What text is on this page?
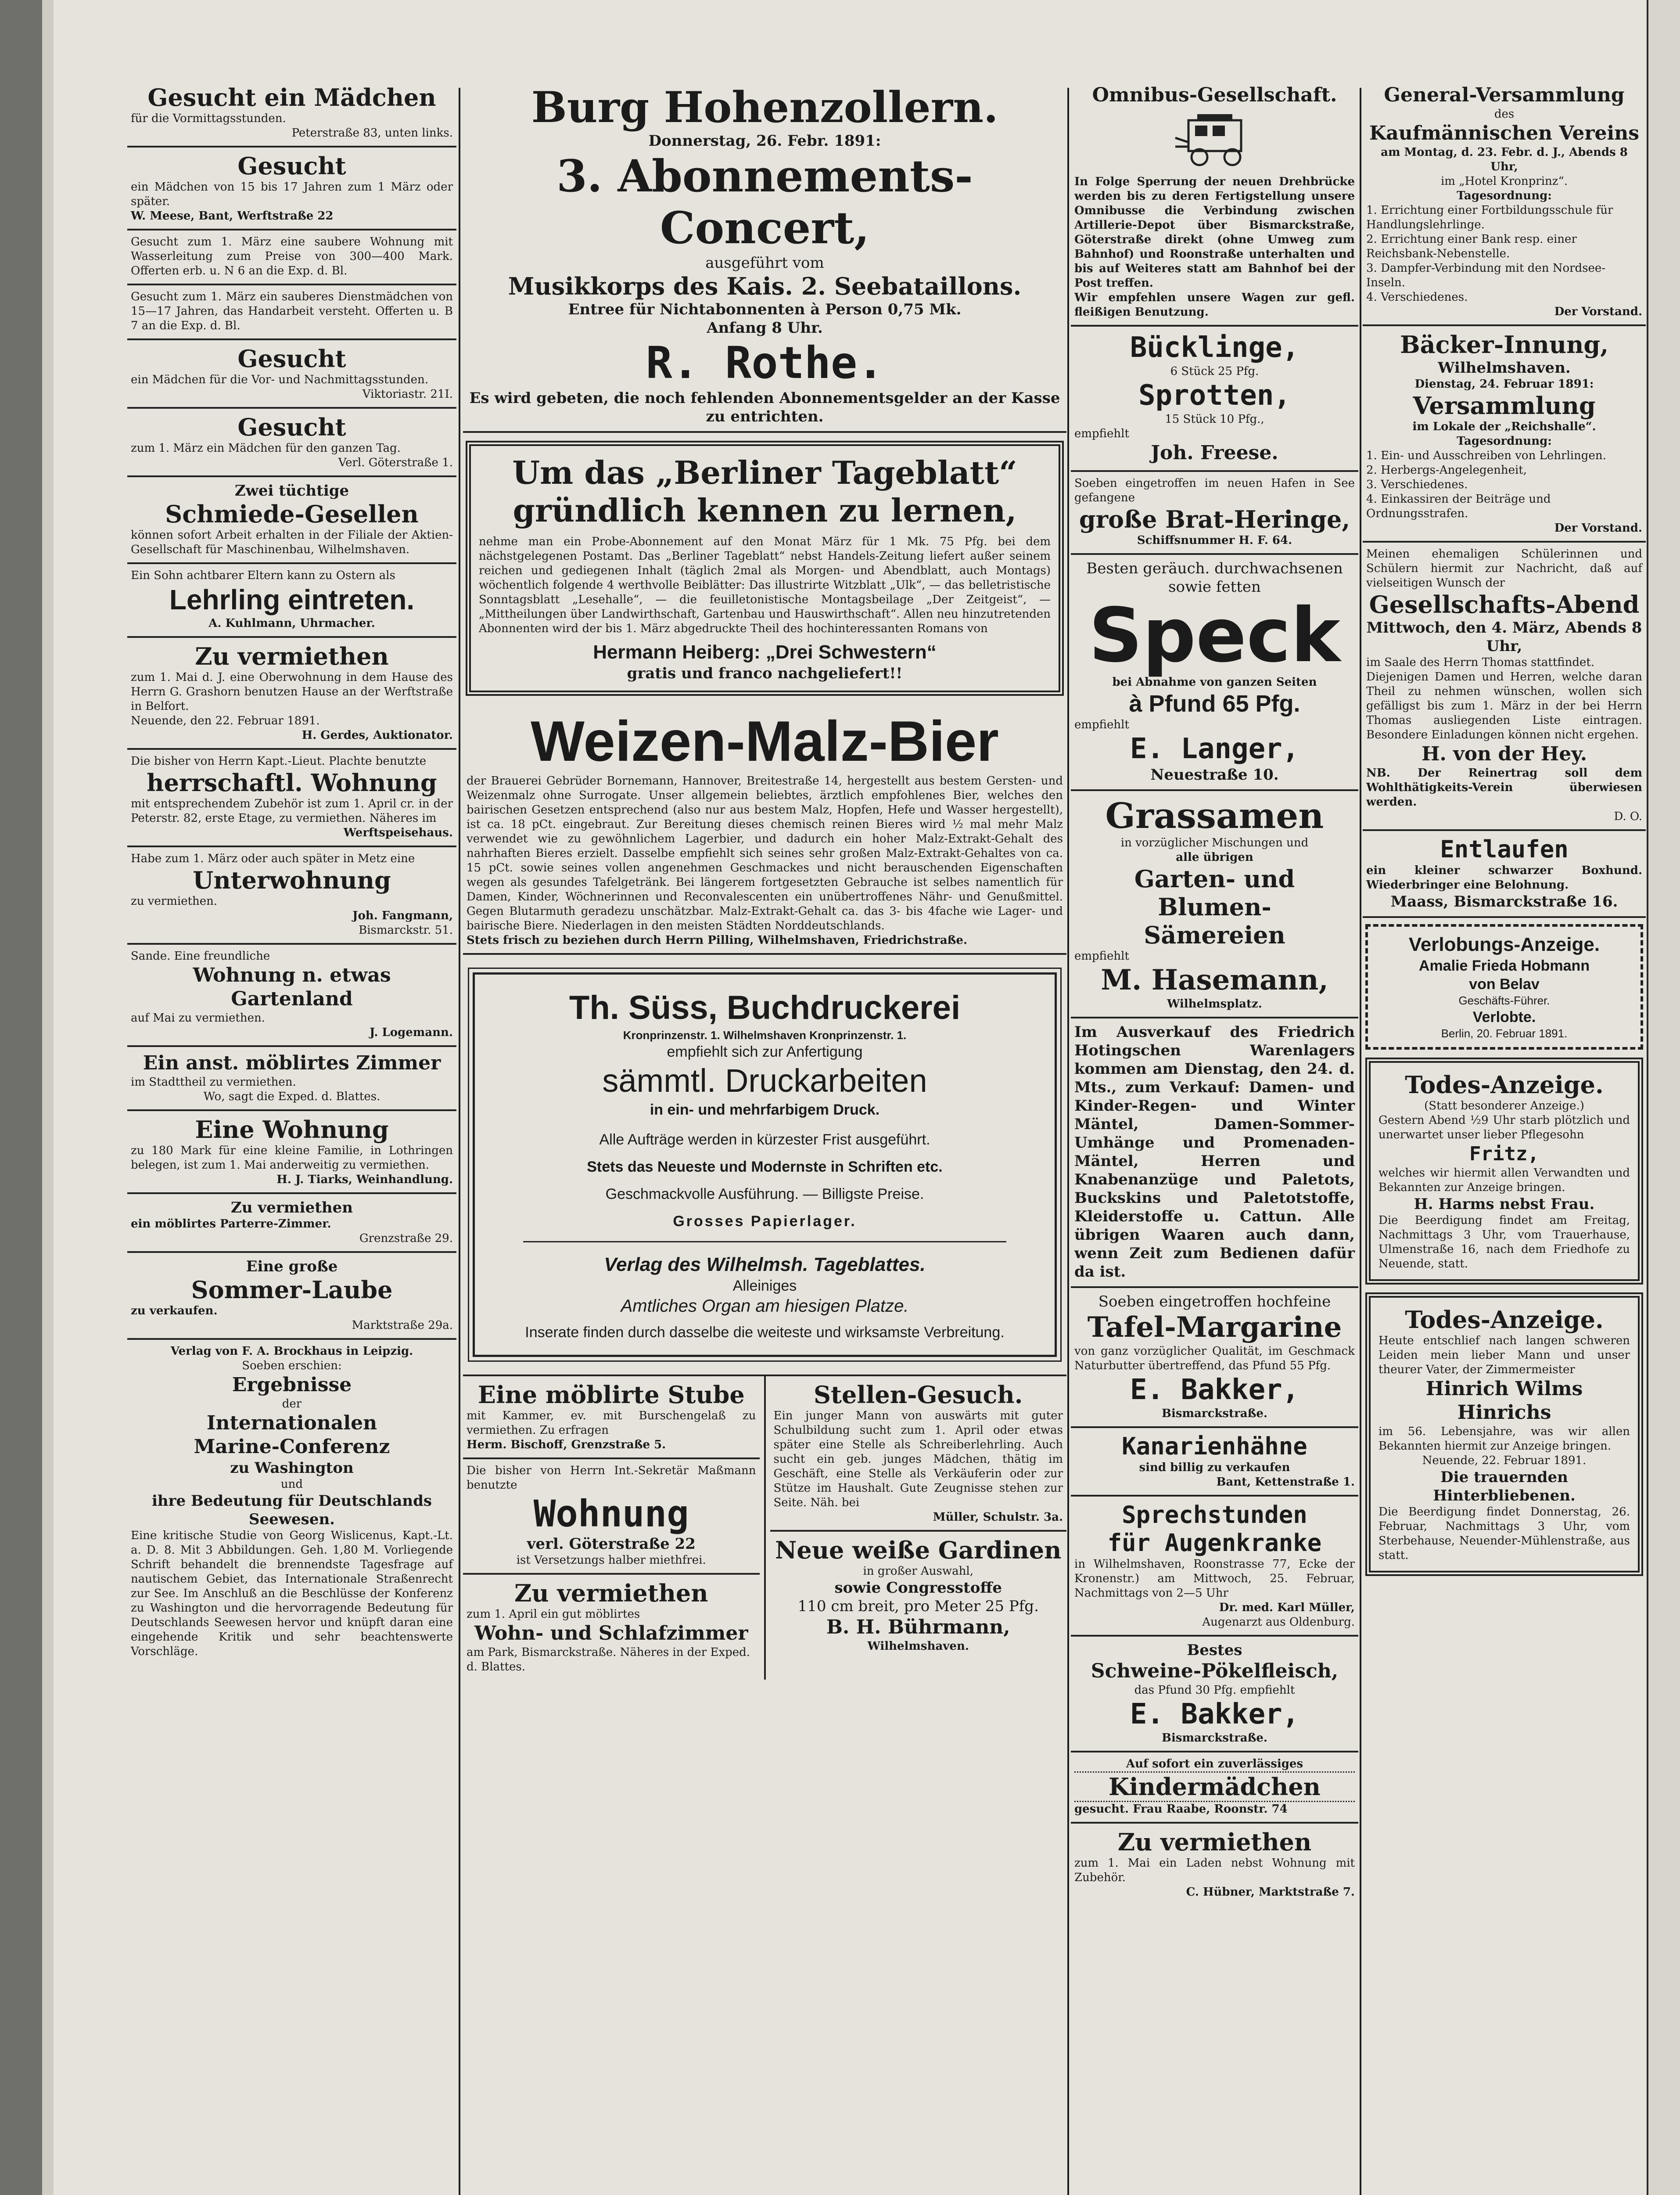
Gesucht ein Mädchen

für die Vormittagsstunden.

Peterstraße 83, unten links.

Gesucht

ein Mädchen von 15 bis 17 Jahren zum 1 März oder später.

W. Meese, Bant, Werftstraße 22

Gesucht zum 1. März eine saubere Wohnung mit Wasserleitung zum Preise von 300—400 Mark. Offerten erb. u. N 6 an die Exp. d. Bl.

Gesucht zum 1. März ein sauberes Dienstmädchen von 15—17 Jahren, das Handarbeit versteht. Offerten u. B 7 an die Exp. d. Bl.

Gesucht

ein Mädchen für die Vor- und Nachmittagsstunden.

Viktoriastr. 21I.

Gesucht

zum 1. März ein Mädchen für den ganzen Tag.

Verl. Göterstraße 1.

Zwei tüchtige
Schmiede-Gesellen

können sofort Arbeit erhalten in der Filiale der Aktien-Gesellschaft für Maschinenbau, Wilhelmshaven.

Ein Sohn achtbarer Eltern kann zu Ostern als

Lehrling eintreten.

A. Kuhlmann, Uhrmacher.

Zu vermiethen

zum 1. Mai d. J. eine Oberwohnung in dem Hause des Herrn G. Grashorn benutzen Hause an der Werftstraße in Belfort.

Neuende, den 22. Februar 1891.

H. Gerdes, Auktionator.

Die bisher von Herrn Kapt.-Lieut. Plachte benutzte

herrschaftl. Wohnung

mit entsprechendem Zubehör ist zum 1. April cr. in der Peterstr. 82, erste Etage, zu vermiethen. Näheres im

Werftspeisehaus.

Habe zum 1. März oder auch später in Metz eine

Unterwohnung

zu vermiethen.

Joh. Fangmann,

Bismarckstr. 51.

Sande. Eine freundliche

Wohnung n. etwas Gartenland

auf Mai zu vermiethen.

J. Logemann.

Ein anst. möblirtes Zimmer

im Stadttheil zu vermiethen.

Wo, sagt die Exped. d. Blattes.

Eine Wohnung

zu 180 Mark für eine kleine Familie, in Lothringen belegen, ist zum 1. Mai anderweitig zu vermiethen.

H. J. Tiarks, Weinhandlung.

Zu vermiethen

ein möblirtes Parterre-Zimmer.

Grenzstraße 29.

Eine große
Sommer-Laube

zu verkaufen.

Marktstraße 29a.

Verlag von F. A. Brockhaus in Leipzig.

Soeben erschien:

Ergebnisse

der

Internationalen
Marine-Conferenz
zu Washington

und

ihre Bedeutung für Deutschlands Seewesen.

Eine kritische Studie von Georg Wislicenus, Kapt.-Lt. a. D. 8. Mit 3 Abbildungen. Geh. 1,80 M. Vorliegende Schrift behandelt die brennendste Tagesfrage auf nautischem Gebiet, das Internationale Straßenrecht zur See. Im Anschluß an die Beschlüsse der Konferenz zu Washington und die hervorragende Bedeutung für Deutschlands Seewesen hervor und knüpft daran eine eingehende Kritik und sehr beachtenswerte Vorschläge.

Burg Hohenzollern.
Donnerstag, 26. Febr. 1891:
3. Abonnements-Concert,

ausgeführt vom

Musikkorps des Kais. 2. Seebataillons.

Entree für Nichtabonnenten à Person 0,75 Mk.

Anfang 8 Uhr.

R. Rothe.

Es wird gebeten, die noch fehlenden Abonnementsgelder an der Kasse zu entrichten.

Um das „Berliner Tageblatt“
gründlich kennen zu lernen,

nehme man ein Probe-Abonnement auf den Monat März für 1 Mk. 75 Pfg. bei dem nächstgelegenen Postamt. Das „Berliner Tageblatt“ nebst Handels-Zeitung liefert außer seinem reichen und gediegenen Inhalt (täglich 2mal als Morgen- und Abendblatt, auch Montags) wöchentlich folgende 4 werthvolle Beiblätter: Das illustrirte Witzblatt „Ulk“, — das belletristische Sonntagsblatt „Lesehalle“, — die feuilletonistische Montagsbeilage „Der Zeitgeist“, — „Mittheilungen über Landwirthschaft, Gartenbau und Hauswirthschaft“. Allen neu hinzutretenden Abonnenten wird der bis 1. März abgedruckte Theil des hochinteressanten Romans von

Hermann Heiberg: „Drei Schwestern“

gratis und franco nachgeliefert!!

Weizen-Malz-Bier

der Brauerei Gebrüder Bornemann, Hannover, Breitestraße 14, hergestellt aus bestem Gersten- und Weizenmalz ohne Surrogate. Unser allgemein beliebtes, ärztlich empfohlenes Bier, welches den bairischen Gesetzen entsprechend (also nur aus bestem Malz, Hopfen, Hefe und Wasser hergestellt), ist ca. 18 pCt. eingebraut. Zur Bereitung dieses chemisch reinen Bieres wird ½ mal mehr Malz verwendet wie zu gewöhnlichem Lagerbier, und dadurch ein hoher Malz-Extrakt-Gehalt des nahrhaften Bieres erzielt. Dasselbe empfiehlt sich seines sehr großen Malz-Extrakt-Gehaltes von ca. 15 pCt. sowie seines vollen angenehmen Geschmackes und nicht berauschenden Eigenschaften wegen als gesundes Tafelgetränk. Bei längerem fortgesetzten Gebrauche ist selbes namentlich für Damen, Kinder, Wöchnerinnen und Reconvalescenten ein unübertroffenes Nähr- und Genußmittel. Gegen Blutarmuth geradezu unschätzbar. Malz-Extrakt-Gehalt ca. das 3- bis 4fache wie Lager- und bairische Biere. Niederlagen in den meisten Städten Norddeutschlands.

Stets frisch zu beziehen durch Herrn Pilling, Wilhelmshaven, Friedrichstraße.

Th. Süss, Buchdruckerei

Kronprinzenstr. 1. Wilhelmshaven Kronprinzenstr. 1.

empfiehlt sich zur Anfertigung

sämmtl. Druckarbeiten

in ein- und mehrfarbigem Druck.

Alle Aufträge werden in kürzester Frist ausgeführt.

Stets das Neueste und Modernste in Schriften etc.

Geschmackvolle Ausführung. — Billigste Preise.

Grosses Papierlager.

Verlag des Wilhelmsh. Tageblattes.

Alleiniges

Amtliches Organ am hiesigen Platze.

Inserate finden durch dasselbe die weiteste und wirksamste Verbreitung.

Eine möblirte Stube

mit Kammer, ev. mit Burschengelaß zu vermiethen. Zu erfragen

Herm. Bischoff, Grenzstraße 5.

Die bisher von Herrn Int.-Sekretär Maßmann benutzte

Wohnung

verl. Göterstraße 22

ist Versetzungs halber miethfrei.

Zu vermiethen

zum 1. April ein gut möblirtes

Wohn- und Schlafzimmer

am Park, Bismarckstraße. Näheres in der Exped. d. Blattes.

Stellen-Gesuch.

Ein junger Mann von auswärts mit guter Schulbildung sucht zum 1. April oder etwas später eine Stelle als Schreiberlehrling. Auch sucht ein geb. junges Mädchen, thätig im Geschäft, eine Stelle als Verkäuferin oder zur Stütze im Haushalt. Gute Zeugnisse stehen zur Seite. Näh. bei

Müller, Schulstr. 3a.

Neue weiße Gardinen

in großer Auswahl,

sowie Congresstoffe

110 cm breit, pro Meter 25 Pfg.

B. H. Bührmann,

Wilhelmshaven.

Omnibus-Gesellschaft.

In Folge Sperrung der neuen Drehbrücke werden bis zu deren Fertigstellung unsere Omnibusse die Verbindung zwischen Artillerie-Depot über Bismarckstraße, Göterstraße direkt (ohne Umweg zum Bahnhof) und Roonstraße unterhalten und bis auf Weiteres statt am Bahnhof bei der Post treffen.

Wir empfehlen unsere Wagen zur gefl. fleißigen Benutzung.

Bücklinge,

6 Stück 25 Pfg.

Sprotten,

15 Stück 10 Pfg.,

empfiehlt

Joh. Freese.

Soeben eingetroffen im neuen Hafen in See gefangene

große Brat-Heringe,

Schiffsnummer H. F. 64.

Besten geräuch. durchwachsenen sowie fetten

Speck

bei Abnahme von ganzen Seiten

à Pfund 65 Pfg.

empfiehlt

E. Langer,

Neuestraße 10.

Grassamen

in vorzüglicher Mischungen und

alle übrigen

Garten- und Blumen-
Sämereien

empfiehlt

M. Hasemann,

Wilhelmsplatz.

Im Ausverkauf des Friedrich Hotingschen Warenlagers kommen am Dienstag, den 24. d. Mts., zum Verkauf: Damen- und Kinder-Regen- und Winter Mäntel, Damen-Sommer-Umhänge und Promenaden-Mäntel, Herren und Knabenanzüge und Paletots, Buckskins und Paletotstoffe, Kleiderstoffe u. Cattun. Alle übrigen Waaren auch dann, wenn Zeit zum Bedienen dafür da ist.

Soeben eingetroffen hochfeine

Tafel-Margarine

von ganz vorzüglicher Qualität, im Geschmack Naturbutter übertreffend, das Pfund 55 Pfg.

E. Bakker,

Bismarckstraße.

Kanarienhähne

sind billig zu verkaufen

Bant, Kettenstraße 1.

Sprechstunden
für Augenkranke

in Wilhelmshaven, Roonstrasse 77, Ecke der Kronenstr.) am Mittwoch, 25. Februar, Nachmittags von 2—5 Uhr

Dr. med. Karl Müller,

Augenarzt aus Oldenburg.

Bestes

Schweine-Pökelfleisch,

das Pfund 30 Pfg. empfiehlt

E. Bakker,

Bismarckstraße.

Auf sofort ein zuverlässiges

Kindermädchen

gesucht. Frau Raabe, Roonstr. 74

Zu vermiethen

zum 1. Mai ein Laden nebst Wohnung mit Zubehör.

C. Hübner, Marktstraße 7.

General-Versammlung

des

Kaufmännischen Vereins

am Montag, d. 23. Febr. d. J., Abends 8 Uhr,

im „Hotel Kronprinz“.

Tagesordnung:

1. Errichtung einer Fortbildungsschule für Handlungslehrlinge.

2. Errichtung einer Bank resp. einer Reichsbank-Nebenstelle.

3. Dampfer-Verbindung mit den Nordsee-Inseln.

4. Verschiedenes.

Der Vorstand.

Bäcker-Innung,

Wilhelmshaven.

Dienstag, 24. Februar 1891:

Versammlung

im Lokale der „Reichshalle“.

Tagesordnung:

1. Ein- und Ausschreiben von Lehrlingen.

2. Herbergs-Angelegenheit,

3. Verschiedenes.

4. Einkassiren der Beiträge und Ordnungsstrafen.

Der Vorstand.

Meinen ehemaligen Schülerinnen und Schülern hiermit zur Nachricht, daß auf vielseitigen Wunsch der

Gesellschafts-Abend

Mittwoch, den 4. März, Abends 8 Uhr,

im Saale des Herrn Thomas stattfindet.

Diejenigen Damen und Herren, welche daran Theil zu nehmen wünschen, wollen sich gefälligst bis zum 1. März in der bei Herrn Thomas ausliegenden Liste eintragen. Besondere Einladungen können nicht ergehen.

H. von der Hey.

NB. Der Reinertrag soll dem Wohlthätigkeits-Verein überwiesen werden.

D. O.

Entlaufen

ein kleiner schwarzer Boxhund. Wiederbringer eine Belohnung.

Maass, Bismarckstraße 16.

Verlobungs-Anzeige.
Amalie Frieda Hobmann
von Belav

Geschäfts-Führer.

Verlobte.

Berlin, 20. Februar 1891.

Todes-Anzeige.

(Statt besonderer Anzeige.)

Gestern Abend ½9 Uhr starb plötzlich und unerwartet unser lieber Pflegesohn

Fritz,

welches wir hiermit allen Verwandten und Bekannten zur Anzeige bringen.

H. Harms nebst Frau.

Die Beerdigung findet am Freitag, Nachmittags 3 Uhr, vom Trauerhause, Ulmenstraße 16, nach dem Friedhofe zu Neuende, statt.

Todes-Anzeige.

Heute entschlief nach langen schweren Leiden mein lieber Mann und unser theurer Vater, der Zimmermeister

Hinrich Wilms Hinrichs

im 56. Lebensjahre, was wir allen Bekannten hiermit zur Anzeige bringen.

Neuende, 22. Februar 1891.

Die trauernden Hinterbliebenen.

Die Beerdigung findet Donnerstag, 26. Februar, Nachmittags 3 Uhr, vom Sterbehause, Neuender-Mühlenstraße, aus statt.
